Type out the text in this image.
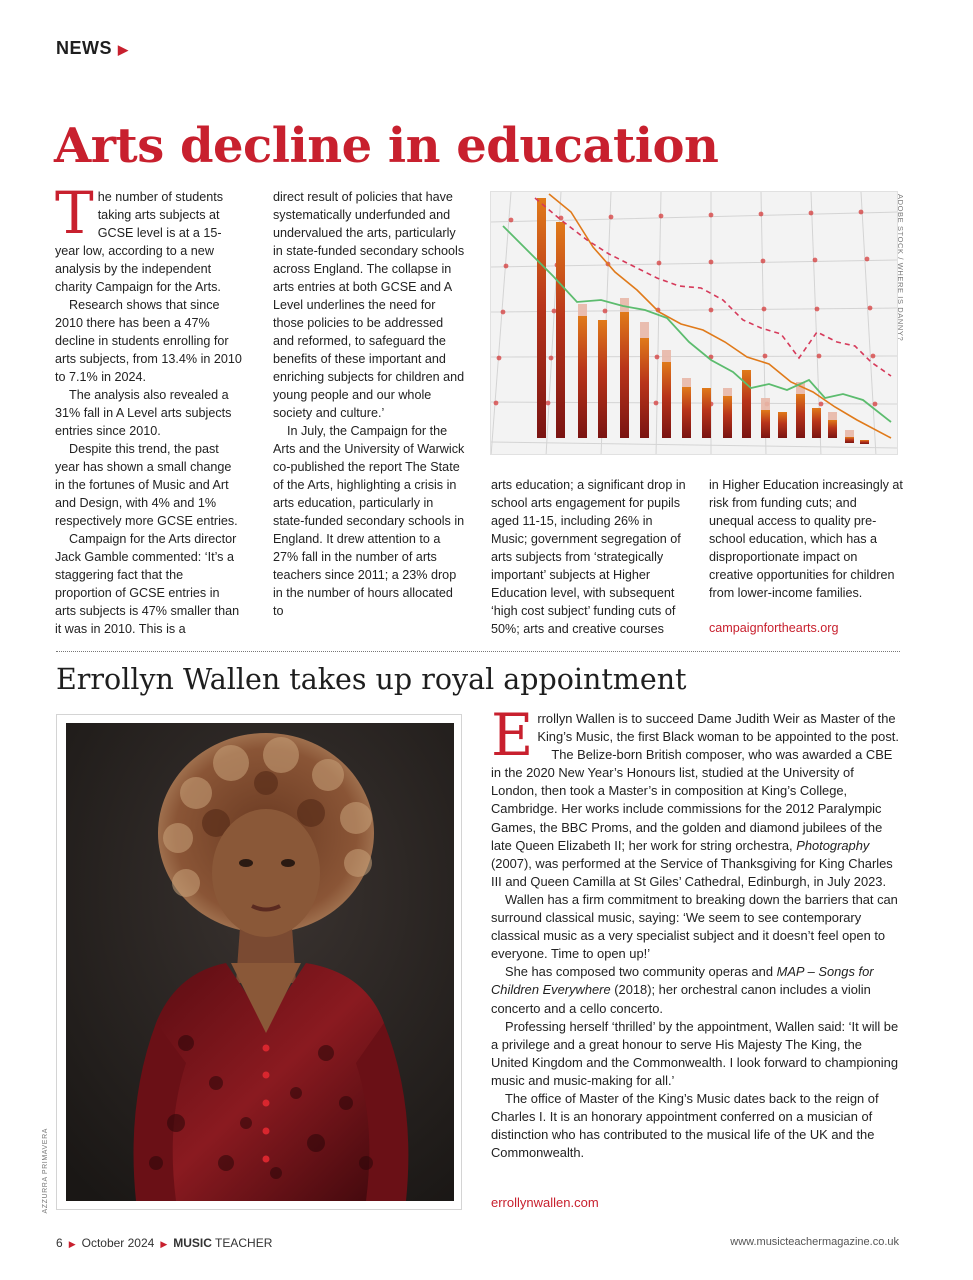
NEWS ▶
Arts decline in education

The number of students taking arts subjects at GCSE level is at a 15-year low, according to a new analysis by the independent charity Campaign for the Arts.

Research shows that since 2010 there has been a 47% decline in students enrolling for arts subjects, from 13.4% in 2010 to 7.1% in 2024.

The analysis also revealed a 31% fall in A Level arts subjects entries since 2010.

Despite this trend, the past year has shown a small change in the fortunes of Music and Art and Design, with 4% and 1% respectively more GCSE entries.

Campaign for the Arts director Jack Gamble commented: ‘It’s a staggering fact that the proportion of GCSE entries in arts subjects is 47% smaller than it was in 2010. This is a

direct result of policies that have systematically underfunded and undervalued the arts, particularly in state-funded secondary schools across England. The collapse in arts entries at both GCSE and A Level underlines the need for those policies to be addressed and reformed, to safeguard the benefits of these important and enriching subjects for children and young people and our whole society and culture.’

In July, the Campaign for the Arts and the University of Warwick co-published the report The State of the Arts, highlighting a crisis in arts education, particularly in state-funded secondary schools in England. It drew attention to a 27% fall in the number of arts teachers since 2011; a 23% drop in the number of hours allocated to

ADOBE STOCK / WHERE IS DANNY?

arts education; a significant drop in school arts engagement for pupils aged 11-15, including 26% in Music; government segregation of arts subjects from ‘strategically important’ subjects at Higher Education level, with subsequent ‘high cost subject’ funding cuts of 50%; arts and creative courses

in Higher Education increasingly at risk from funding cuts; and unequal access to quality pre-school education, which has a disproportionate impact on creative opportunities for children from lower-income families.

campaignforthearts.org
Errollyn Wallen takes up royal appointment
AZZURRA PRIMAVERA

Errollyn Wallen is to succeed Dame Judith Weir as Master of the King’s Music, the first Black woman to be appointed to the post.

The Belize-born British composer, who was awarded a CBE in the 2020 New Year’s Honours list, studied at the University of London, then took a Master’s in composition at King’s College, Cambridge. Her works include commissions for the 2012 Paralympic Games, the BBC Proms, and the golden and diamond jubilees of the late Queen Elizabeth II; her work for string orchestra, Photography (2007), was performed at the Service of Thanksgiving for King Charles III and Queen Camilla at St Giles’ Cathedral, Edinburgh, in July 2023.

Wallen has a firm commitment to breaking down the barriers that can surround classical music, saying: ‘We seem to see contemporary classical music as a very specialist subject and it doesn’t feel open to everyone. Time to open up!’

She has composed two community operas and MAP – Songs for Children Everywhere (2018); her orchestral canon includes a violin concerto and a cello concerto.

Professing herself ‘thrilled’ by the appointment, Wallen said: ‘It will be a privilege and a great honour to serve His Majesty The King, the United Kingdom and the Commonwealth. I look forward to championing music and music-making for all.’

The office of Master of the King’s Music dates back to the reign of Charles I. It is an honorary appointment conferred on a musician of distinction who has contributed to the musical life of the UK and the Commonwealth.

errollynwallen.com
6 ▶ October 2024 ▶ MUSIC TEACHER	www.musicteachermagazine.co.uk
